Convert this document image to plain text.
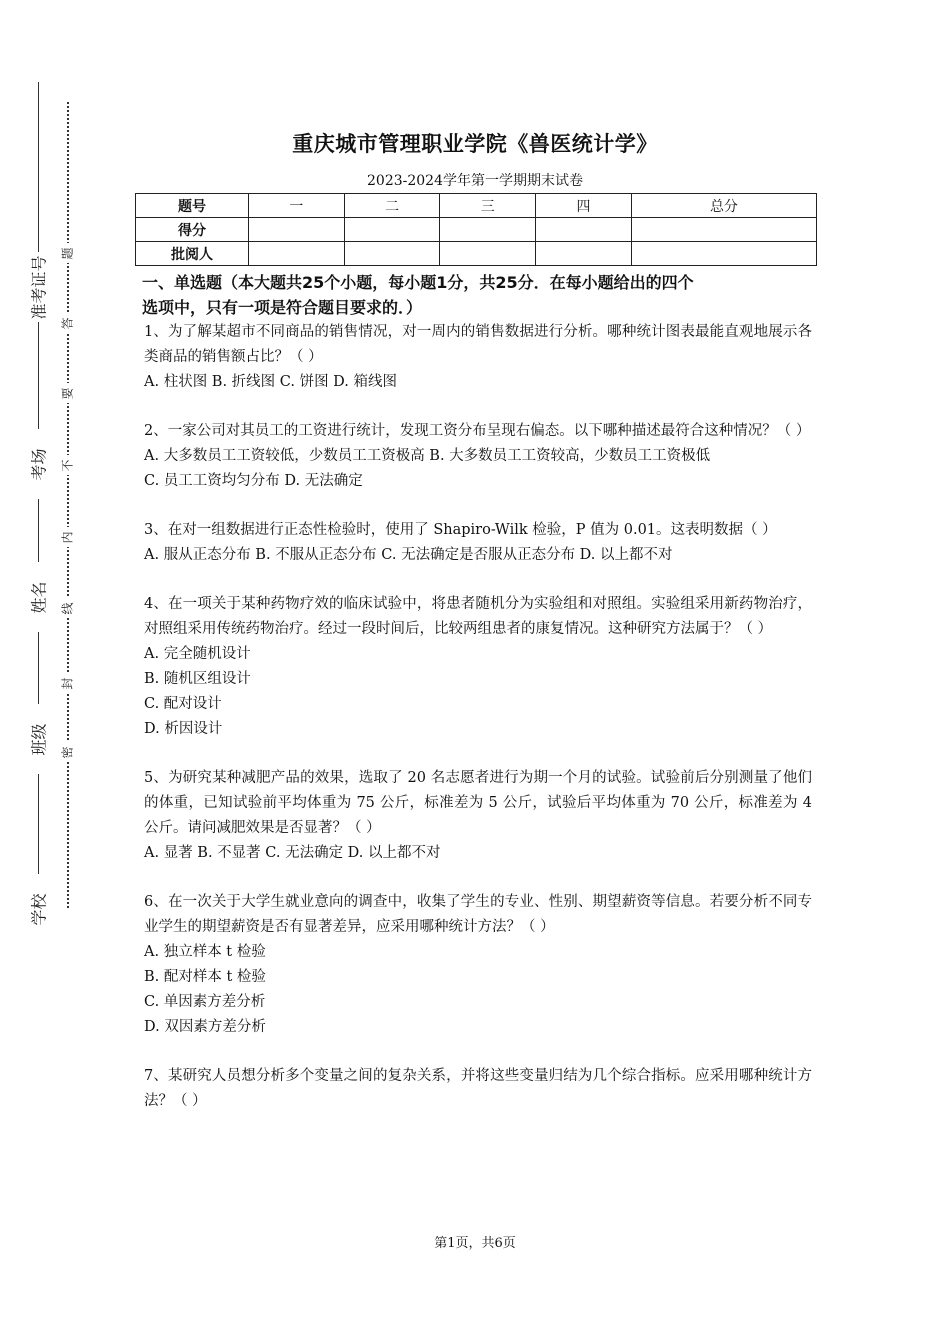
准考证号
考场
姓名
班级
学校
题
答
要
不
内
线
封
密
重庆城市管理职业学院《兽医统计学》
2023-2024学年第一学期期末试卷
题号	一	二	三	四	总分
得分					
批阅人					
一、单选题（本大题共25个小题，每小题1分，共25分．在每小题给出的四个
选项中，只有一项是符合题目要求的．）
1、为了解某超市不同商品的销售情况，对一周内的销售数据进行分析。哪种统计图表最能直观地展示各类商品的销售额占比？（ ）
A. 柱状图 B. 折线图 C. 饼图 D. 箱线图
2、一家公司对其员工的工资进行统计，发现工资分布呈现右偏态。以下哪种描述最符合这种情况？（ ）
A. 大多数员工工资较低，少数员工工资极高 B. 大多数员工工资较高，少数员工工资极低
C. 员工工资均匀分布 D. 无法确定
3、在对一组数据进行正态性检验时，使用了 Shapiro-Wilk 检验，P 值为 0.01。这表明数据（ ）
A. 服从正态分布 B. 不服从正态分布 C. 无法确定是否服从正态分布 D. 以上都不对
4、在一项关于某种药物疗效的临床试验中，将患者随机分为实验组和对照组。实验组采用新药物治疗，对照组采用传统药物治疗。经过一段时间后，比较两组患者的康复情况。这种研究方法属于？（ ）
A. 完全随机设计
B. 随机区组设计
C. 配对设计
D. 析因设计
5、为研究某种减肥产品的效果，选取了 20 名志愿者进行为期一个月的试验。试验前后分别测量了他们的体重，已知试验前平均体重为 75 公斤，标准差为 5 公斤，试验后平均体重为 70 公斤，标准差为 4 公斤。请问减肥效果是否显著？（ ）
A. 显著 B. 不显著 C. 无法确定 D. 以上都不对
6、在一次关于大学生就业意向的调查中，收集了学生的专业、性别、期望薪资等信息。若要分析不同专业学生的期望薪资是否有显著差异，应采用哪种统计方法？（ ）
A. 独立样本 t 检验
B. 配对样本 t 检验
C. 单因素方差分析
D. 双因素方差分析
7、某研究人员想分析多个变量之间的复杂关系，并将这些变量归结为几个综合指标。应采用哪种统计方法？（ ）
第1页，共6页
